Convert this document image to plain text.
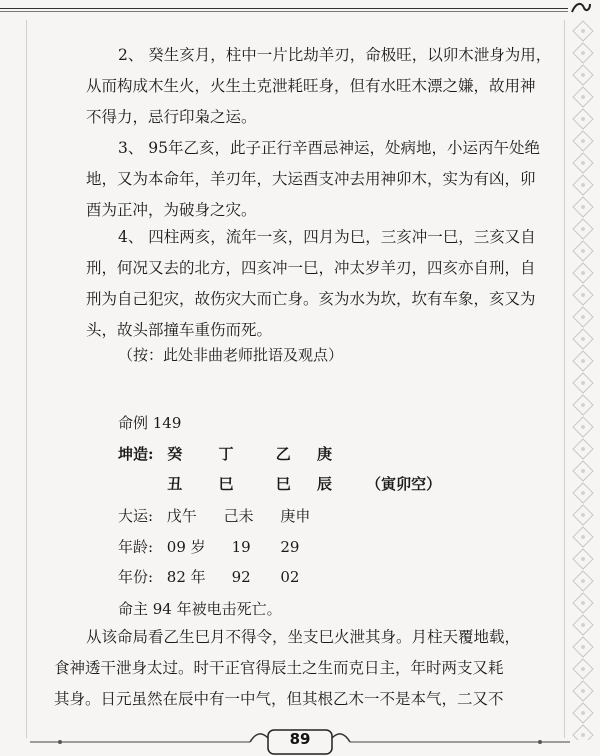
2、 癸生亥月，柱中一片比劫羊刃，命极旺，以卯木泄身为用，
从而构成木生火，火生土克泄耗旺身，但有水旺木漂之嫌，故用神
不得力，忌行印枭之运。
3、 95年乙亥，此子正行辛酉忌神运，处病地，小运丙午处绝
地，又为本命年，羊刃年，大运酉支冲去用神卯木，实为有凶，卯
酉为正冲，为破身之灾。
4、 四柱两亥，流年一亥，四月为巳，三亥冲一巳，三亥又自
刑，何况又去的北方，四亥冲一巳，冲太岁羊刃，四亥亦自刑，自
刑为自己犯灾，故伤灾大而亡身。亥为水为坎，坎有车象，亥又为
头，故头部撞车重伤而死。
（按：此处非曲老师批语及观点）
命例 149
坤造: 癸 丁	乙 庚
丑 巳	巳 辰 （寅卯空）
大运: 戊午 己未 庚申
年龄: 09 岁 19 29
年份: 82 年 92 02
命主 94 年被电击死亡。
从该命局看乙生巳月不得令，坐支巳火泄其身。月柱天覆地载，
食神透干泄身太过。时干正官得辰土之生而克日主，年时两支又耗
其身。日元虽然在辰中有一中气，但其根乙木一不是本气，二又不
89
